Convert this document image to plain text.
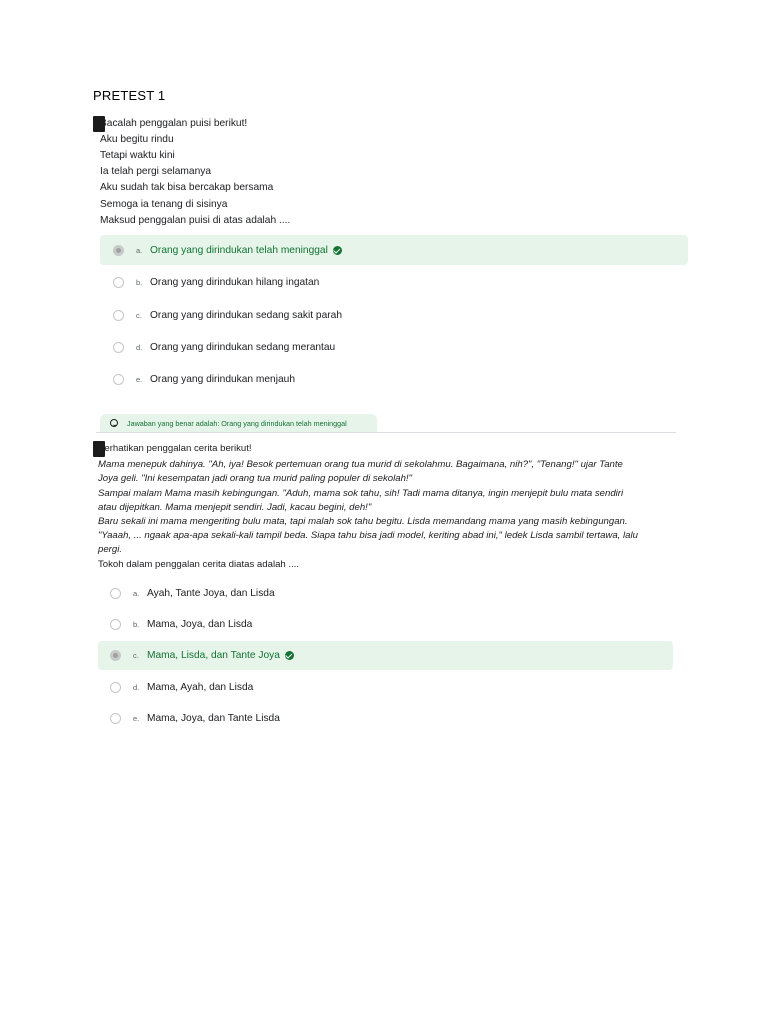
PRETEST 1
Bacalah penggalan puisi berikut!
Aku begitu rindu
Tetapi waktu kini
Ia telah pergi selamanya
Aku sudah tak bisa bercakap bersama
Semoga ia tenang di sisinya
Maksud penggalan puisi di atas adalah ....
a. Orang yang dirindukan telah meninggal
b. Orang yang dirindukan hilang ingatan
c. Orang yang dirindukan sedang sakit parah
d. Orang yang dirindukan sedang merantau
e. Orang yang dirindukan menjauh
Jawaban yang benar adalah: Orang yang dirindukan telah meninggal
Perhatikan penggalan cerita berikut!
Mama menepuk dahinya. "Ah, iya! Besok pertemuan orang tua murid di sekolahmu. Bagaimana, nih?", "Tenang!" ujar Tante
Joya geli. "Ini kesempatan jadi orang tua murid paling populer di sekolah!"
Sampai malam Mama masih kebingungan. "Aduh, mama sok tahu, sih! Tadi mama ditanya, ingin menjepit bulu mata sendiri
atau dijepitkan. Mama menjepit sendiri. Jadi, kacau begini, deh!"
Baru sekali ini mama mengeriting bulu mata, tapi malah sok tahu begitu. Lisda memandang mama yang masih kebingungan.
"Yaaah, ... ngaak apa-apa sekali-kali tampil beda. Siapa tahu bisa jadi model, keriting abad ini," ledek Lisda sambil tertawa, lalu
pergi.
Tokoh dalam penggalan cerita diatas adalah ....
a. Ayah, Tante Joya, dan Lisda
b. Mama, Joya, dan Lisda
c. Mama, Lisda, dan Tante Joya
d. Mama, Ayah, dan Lisda
e. Mama, Joya, dan Tante Lisda
